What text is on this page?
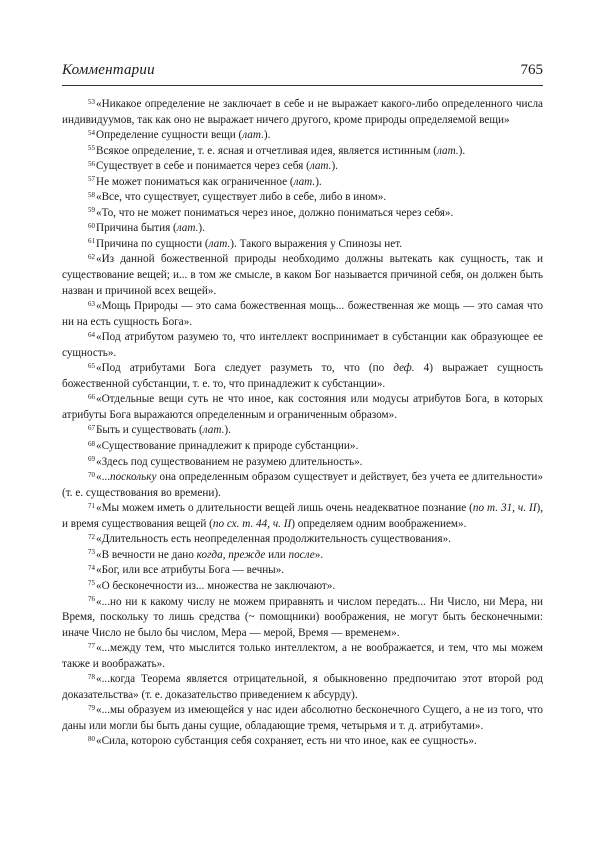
Комментарии	765

$^{53}$«Никакое определение не заключает в себе и не выражает какого-либо определенного числа индивидуумов, так как оно не выражает ничего другого, кроме природы определяемой вещи»

$^{54}$Определение сущности вещи (лат.).

$^{55}$Всякое определение, т. е. ясная и отчетливая идея, является истинным (лат.).

$^{56}$Существует в себе и понимается через себя (лат.).

$^{57}$Не может пониматься как ограниченное (лат.).

$^{58}$«Все, что существует, существует либо в себе, либо в ином».

$^{59}$«То, что не может пониматься через иное, должно пониматься через себя».

$^{60}$Причина бытия (лат.).

$^{61}$Причина по сущности (лат.). Такого выражения у Спинозы нет.

$^{62}$«Из данной божественной природы необходимо должны вытекать как сущность, так и существование вещей; и... в том же смысле, в каком Бог называется причиной себя, он должен быть назван и причиной всех вещей».

$^{63}$«Мощь Природы — это сама божественная мощь... божественная же мощь — это самая что ни на есть сущность Бога».

$^{64}$«Под атрибутом разумею то, что интеллект воспринимает в субстанции как образующее ее сущность».

$^{65}$«Под атрибутами Бога следует разуметь то, что (по деф. 4) выражает сущность божественной субстанции, т. е. то, что принадлежит к субстанции».

$^{66}$«Отдельные вещи суть не что иное, как состояния или модусы атрибутов Бога, в которых атрибуты Бога выражаются определенным и ограниченным образом».

$^{67}$Быть и существовать (лат.).

$^{68}$«Существование принадлежит к природе субстанции».

$^{69}$«Здесь под существованием не разумею длительность».

$^{70}$«...поскольку она определенным образом существует и действует, без учета ее длительности» (т. е. существования во времени).

$^{71}$«Мы можем иметь о длительности вещей лишь очень неадекватное познание (по т. 31, ч. II), и время существования вещей (по сх. т. 44, ч. II) определяем одним воображением».

$^{72}$«Длительность есть неопределенная продолжительность существования».

$^{73}$«В вечности не дано когда, прежде или после».

$^{74}$«Бог, или все атрибуты Бога — вечны».

$^{75}$«О бесконечности из... множества не заключают».

$^{76}$«...но ни к какому числу не можем приравнять и числом передать... Ни Число, ни Мера, ни Время, поскольку то лишь средства (~ помощники) воображения, не могут быть бесконечными: иначе Число не было бы числом, Мера — мерой, Время — временем».

$^{77}$«...между тем, что мыслится только интеллектом, а не воображается, и тем, что мы можем также и воображать».

$^{78}$«...когда Теорема является отрицательной, я обыкновенно предпочитаю этот второй род доказательства» (т. е. доказательство приведением к абсурду).

$^{79}$«...мы образуем из имеющейся у нас идеи абсолютно бесконечного Сущего, а не из того, что даны или могли бы быть даны сущие, обладающие тремя, четырьмя и т. д. атрибутами».

$^{80}$«Сила, которою субстанция себя сохраняет, есть ни что иное, как ее сущность».
